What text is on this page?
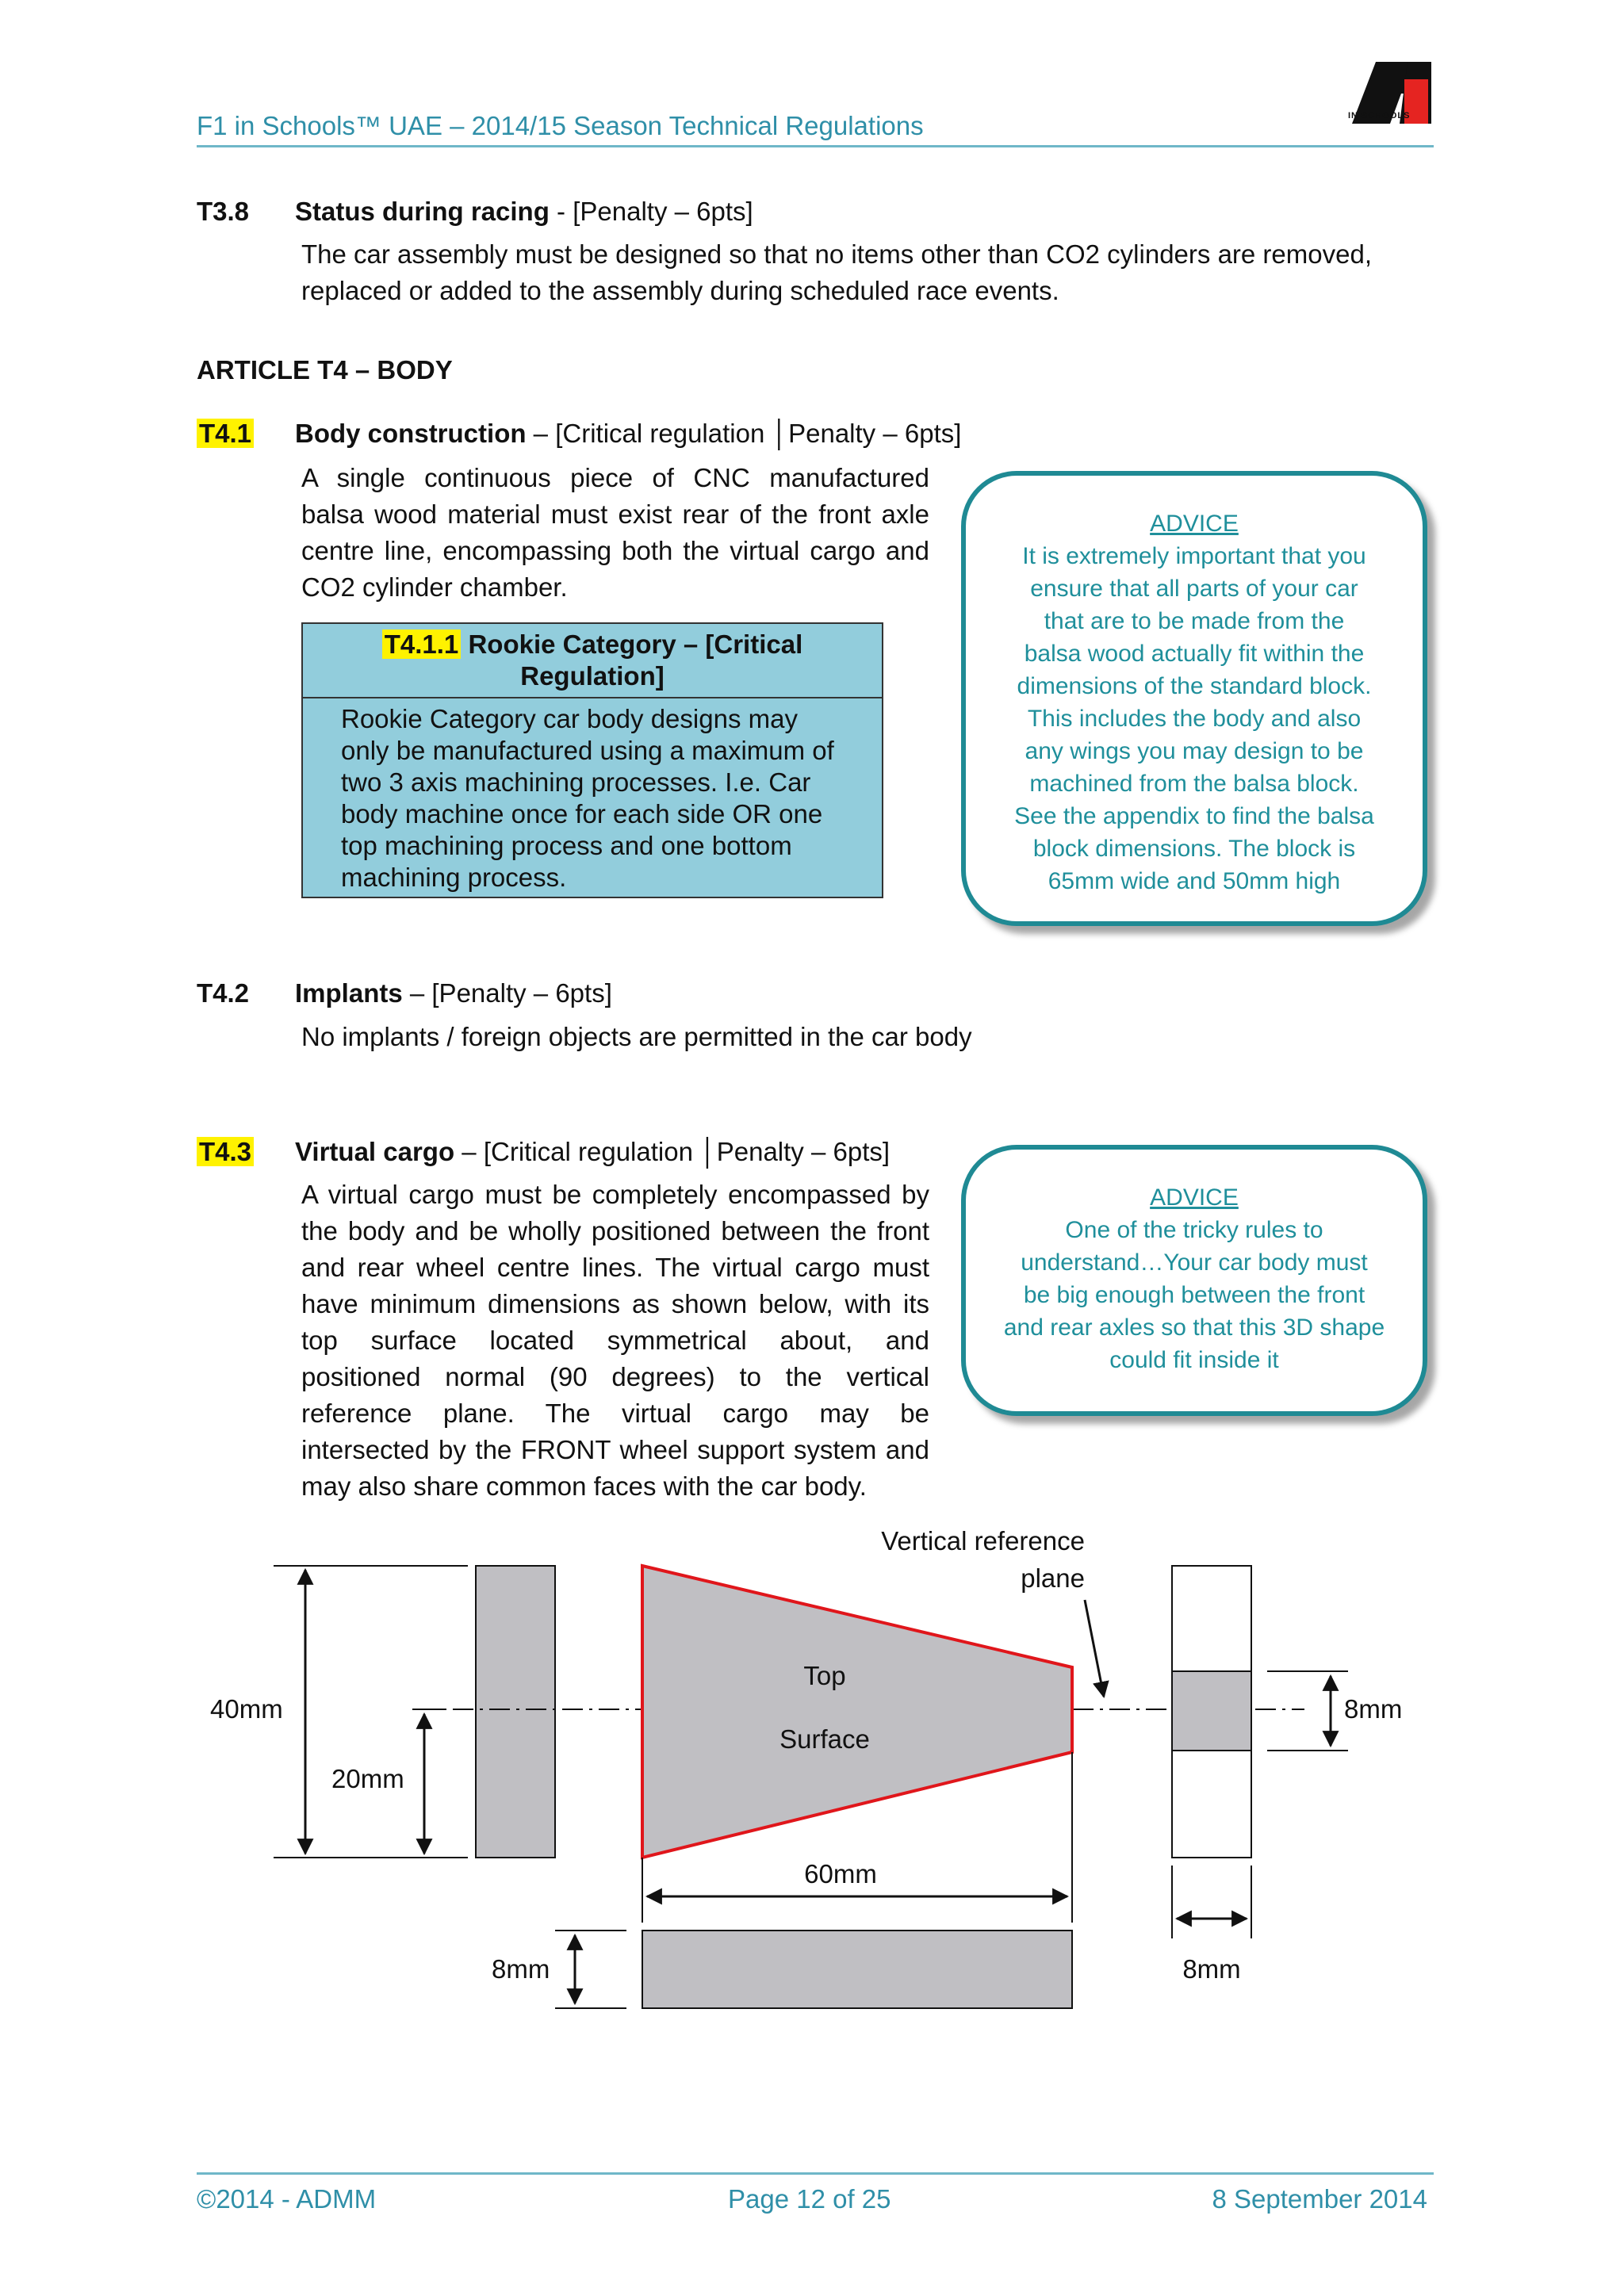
F1 in Schools™ UAE – 2014/15 Season Technical Regulations	IN SCHOOLS
T3.8 Status during racing - [Penalty – 6pts]
The car assembly must be designed so that no items other than CO2 cylinders are removed,
replaced or added to the assembly during scheduled race events.
ARTICLE T4 – BODY
T4.1 Body construction – [Critical regulation │Penalty – 6pts]
A single continuous piece of CNC manufactured
balsa wood material must exist rear of the front axle
centre line, encompassing both the virtual cargo and
CO2 cylinder chamber.
T4.1.1 Rookie Category – [Critical
Regulation]
Rookie Category car body designs may
only be manufactured using a maximum of
two 3 axis machining processes. I.e. Car
body machine once for each side OR one
top machining process and one bottom
machining process.
ADVICE
It is extremely important that you
ensure that all parts of your car
that are to be made from the
balsa wood actually fit within the
dimensions of the standard block.
This includes the body and also
any wings you may design to be
machined from the balsa block.
See the appendix to find the balsa
block dimensions. The block is
65mm wide and 50mm high
T4.2 Implants – [Penalty – 6pts]
No implants / foreign objects are permitted in the car body
T4.3 Virtual cargo – [Critical regulation │Penalty – 6pts]
A virtual cargo must be completely encompassed by
the body and be wholly positioned between the front
and rear wheel centre lines. The virtual cargo must
have minimum dimensions as shown below, with its
top surface located symmetrical about, and
positioned normal (90 degrees) to the vertical
reference plane. The virtual cargo may be
intersected by the FRONT wheel support system and
may also share common faces with the car body.
ADVICE
One of the tricky rules to
understand…Your car body must
be big enough between the front
and rear axles so that this 3D shape
could fit inside it
40mm
20mm
Top
Surface
Vertical reference
plane
60mm
8mm
8mm
8mm
©2014 - ADMM	Page 12 of 25	8 September 2014
